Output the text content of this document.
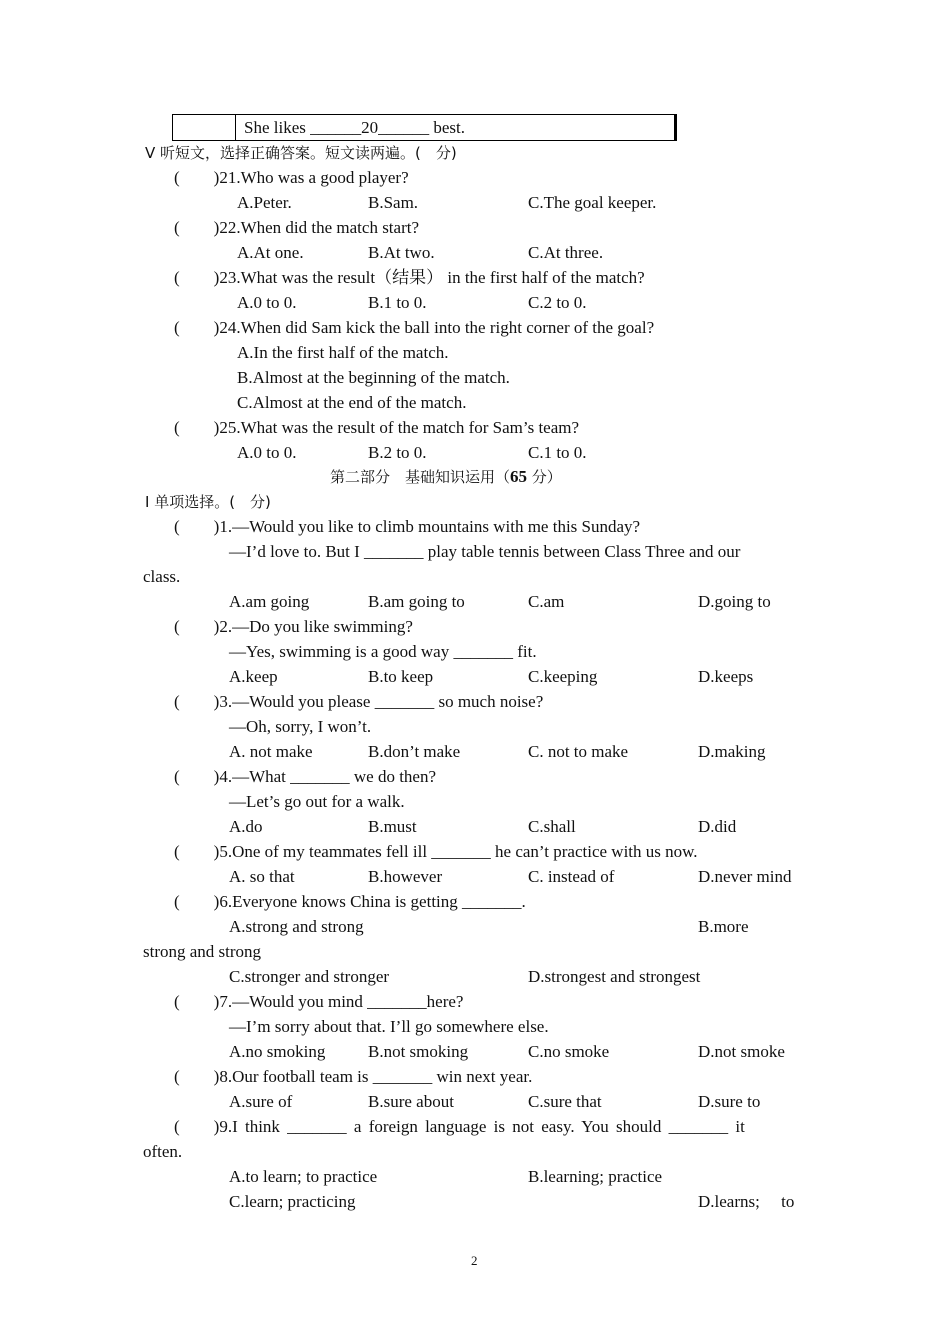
	She likes ______20______ best.
Ⅴ 听短文，选择正确答案。短文读两遍。(　分)
(　　)21.Who was a good player?
A.Peter.	B.Sam.	C.The goal keeper.
(　　)22.When did the match start?
A.At one.	B.At two.	C.At three.
(　　)23.What was the result（结果） in the first half of the match?
A.0 to 0.	B.1 to 0.	C.2 to 0.
(　　)24.When did Sam kick the ball into the right corner of the goal?
A.In the first half of the match.
B.Almost at the beginning of the match.
C.Almost at the end of the match.
(　　)25.What was the result of the match for Sam’s team?
A.0 to 0.	B.2 to 0.	C.1 to 0.
第二部分　基础知识运用（65 分）
Ⅰ 单项选择。(　分)
(　　)1.—Would you like to climb mountains with me this Sunday?
—I’d love to. But I _______ play table tennis between Class Three and our
class.
A.am going	B.am going to	C.am	D.going to
(　　)2.—Do you like swimming?
—Yes, swimming is a good way _______ fit.
A.keep	B.to keep	C.keeping	D.keeps
(　　)3.—Would you please _______ so much noise?
—Oh, sorry, I won’t.
A. not make	B.don’t make	C. not to make	D.making
(　　)4.—What _______ we do then?
—Let’s go out for a walk.
A.do	B.must	C.shall	D.did
(　　)5.One of my teammates fell ill _______ he can’t practice with us now.
A. so that	B.however	C. instead of	D.never mind
(　　)6.Everyone knows China is getting _______.
A.strong and strong	B.more
strong and strong
C.stronger and stronger	D.strongest and strongest
(　　)7.—Would you mind _______here?
—I’m sorry about that. I’ll go somewhere else.
A.no smoking	B.not smoking	C.no smoke	D.not smoke
(　　)8.Our football team is _______ win next year.
A.sure of	B.sure about	C.sure that	D.sure to
(　　)9.I think _______ a foreign language is not easy. You should _______ it
often.
A.to learn; to practice	B.learning; practice
C.learn; practicing	D.learns;　 to
2
